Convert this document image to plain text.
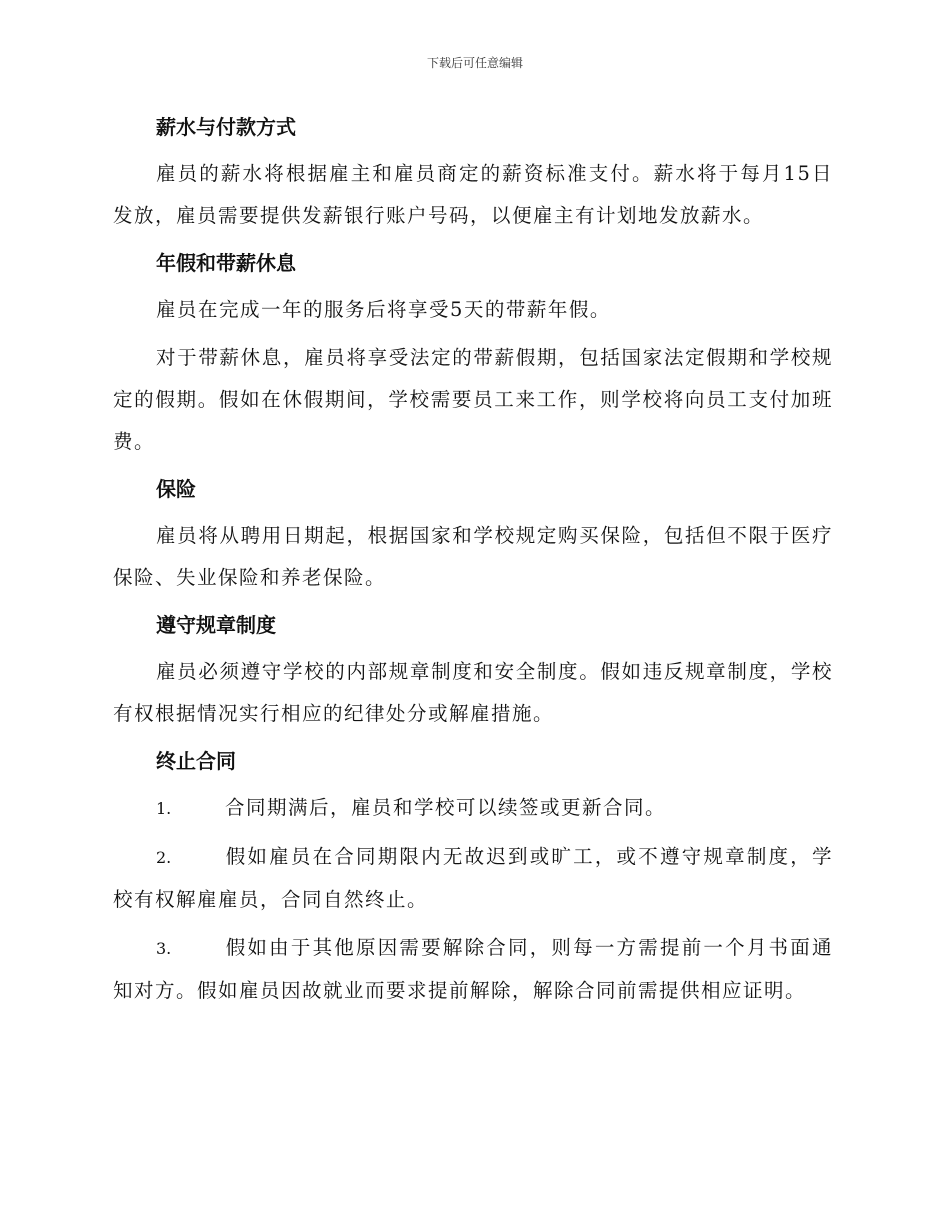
下载后可任意编辑

薪水与付款方式

雇员的薪水将根据雇主和雇员商定的薪资标准支付。薪水将于每月15日发放，雇员需要提供发薪银行账户号码，以便雇主有计划地发放薪水。

年假和带薪休息

雇员在完成一年的服务后将享受5天的带薪年假。

对于带薪休息，雇员将享受法定的带薪假期，包括国家法定假期和学校规定的假期。假如在休假期间，学校需要员工来工作，则学校将向员工支付加班费。

保险

雇员将从聘用日期起，根据国家和学校规定购买保险，包括但不限于医疗保险、失业保险和养老保险。

遵守规章制度

雇员必须遵守学校的内部规章制度和安全制度。假如违反规章制度，学校有权根据情况实行相应的纪律处分或解雇措施。

终止合同

1.	合同期满后，雇员和学校可以续签或更新合同。

2.	假如雇员在合同期限内无故迟到或旷工，或不遵守规章制度，学校有权解雇雇员，合同自然终止。

3.	假如由于其他原因需要解除合同，则每一方需提前一个月书面通知对方。假如雇员因故就业而要求提前解除，解除合同前需提供相应证明。
